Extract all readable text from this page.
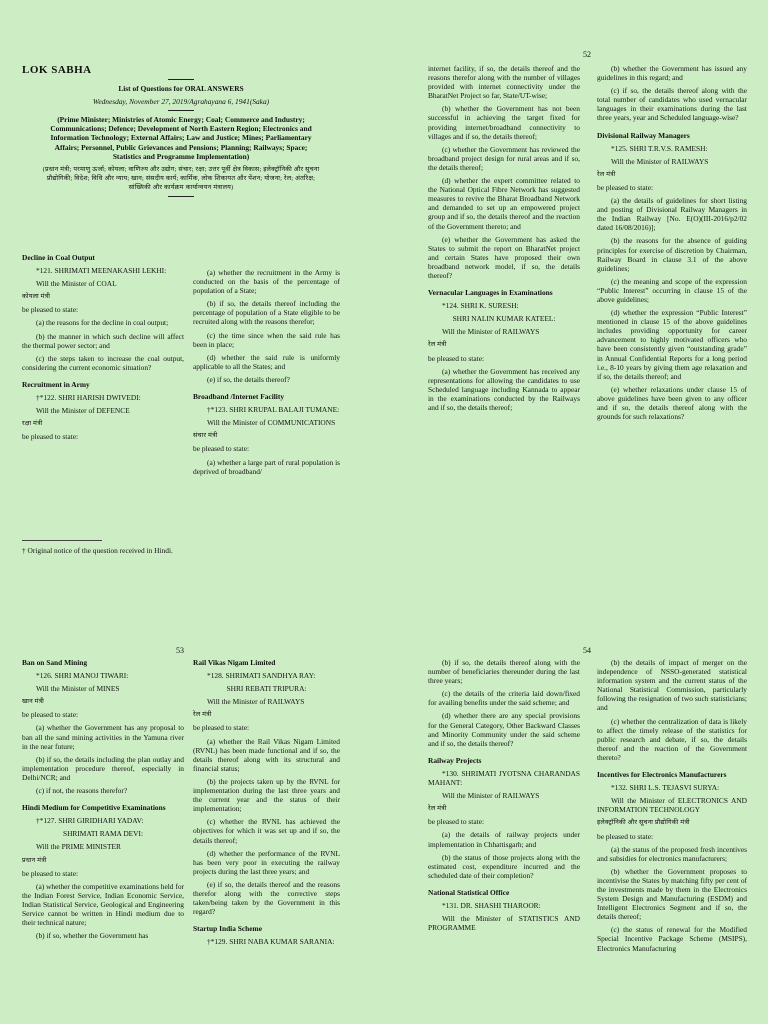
52

LOK SABHA

List of Questions for ORAL ANSWERS

Wednesday, November 27, 2019/Agrahayana 6, 1941(Saka)

(Prime Minister; Ministries of Atomic Energy; Coal; Commerce and Industry; Communications; Defence; Development of North Eastern Region; Electronics and Information Technology; External Affairs; Law and Justice; Mines; Parliamentary Affairs; Personnel, Public Grievances and Pensions; Planning; Railways; Space; Statistics and Programme Implementation)

(प्रधान मंत्री; परमाणु ऊर्जा; कोयला; वाणिज्य और उद्योग; संचार; रक्षा; उत्तर पूर्वी क्षेत्र विकास; इलेक्ट्रॉनिकी और सूचना प्रौद्योगिकी; विदेश; विधि और न्याय; खान; संसदीय कार्य; कार्मिक, लोक शिकायत और पेंशन; योजना; रेल; अंतरिक्ष; सांख्यिकी और कार्यक्रम कार्यान्वयन मंत्रालय)

Decline in Coal Output

*121. SHRIMATI MEENAKASHI LEKHI:

Will the Minister of COAL

कोयला मंत्री

be pleased to state:

(a) the reasons for the decline in coal output;

(b) the manner in which such decline will affect the thermal power sector; and

(c) the steps taken to increase the coal output, considering the current economic situation?

Recruitment in Army

†*122. SHRI HARISH DWIVEDI:

Will the Minister of DEFENCE

रक्षा मंत्री

be pleased to state:

(a) whether the recruitment in the Army is conducted on the basis of the percentage of population of a State;

(b) if so, the details thereof including the percentage of population of a State eligible to be recruited along with the reasons therefor;

(c) the time since when the said rule has been in place;

(d) whether the said rule is uniformly applicable to all the States; and

(e) if so, the details thereof?

Broadband /Internet Facility

†*123. SHRI KRUPAL BALAJI TUMANE:

Will the Minister of COMMUNICATIONS

संचार मंत्री

be pleased to state:

(a) whether a large part of rural population is deprived of broadband/

internet facility, if so, the details thereof and the reasons therefor along with the number of villages provided with internet connectivity under the BharatNet Project so far, State/UT-wise;

(b) whether the Government has not been successful in achieving the target fixed for providing internet/broadband connectivity to villages and if so, the details thereof;

(c) whether the Government has reviewed the broadband project design for rural areas and if so, the details thereof;

(d) whether the expert committee related to the National Optical Fibre Network has suggested measures to revive the Bharat Broadband Network and demanded to set up an empowered project group and if so, the details thereof and the reaction of the Government thereto; and

(e) whether the Government has asked the States to submit the report on BharatNet project and certain States have proposed their own broadband network model, if so, the details thereof?

Vernacular Languages in Examinations

*124. SHRI K. SURESH:

SHRI NALIN KUMAR KATEEL:

Will the Minister of RAILWAYS

रेल मंत्री

be pleased to state:

(a) whether the Government has received any representations for allowing the candidates to use Scheduled language including Kannada to appear in the examinations conducted by the Railways and if so, the details thereof;

(b) whether the Government has issued any guidelines in this regard; and

(c) if so, the details thereof along with the total number of candidates who used vernacular languages in their examinations during the last three years, year and Scheduled language-wise?

Divisional Railway Managers

*125. SHRI T.R.V.S. RAMESH:

Will the Minister of RAILWAYS

रेल मंत्री

be pleased to state:

(a) the details of guidelines for short listing and posting of Divisional Railway Managers in the Indian Railway [No. E(O)(III-2016/p2/02 dated 16/08/2016)];

(b) the reasons for the absence of guiding principles for exercise of discretion by Chairman, Railway Board in clause 3.1 of the above guidelines;

(c) the meaning and scope of the expression “Public Interest” occurring in clause 15 of the above guidelines;

(d) whether the expression “Public Interest” mentioned in clause 15 of the above guidelines includes providing opportunity for career advancement to highly motivated officers who have been consistently given “outstanding grade” in Annual Confidential Reports for a long period i.e., 8-10 years by giving them age relaxation and if so, the details thereof; and

(e) whether relaxations under clause 15 of above guidelines have been given to any officer and if so, the details thereof along with the grounds for such relaxations?

† Original notice of the question received in Hindi.
53	54

Ban on Sand Mining

*126. SHRI MANOJ TIWARI:

Will the Minister of MINES

खान मंत्री

be pleased to state:

(a) whether the Government has any proposal to ban all the sand mining activities in the Yamuna river in the near future;

(b) if so, the details including the plan outlay and implementation procedure thereof, especially in Delhi/NCR; and

(c) if not, the reasons therefor?

Hindi Medium for Competitive Examinations

†*127. SHRI GIRIDHARI YADAV:

SHRIMATI RAMA DEVI:

Will the PRIME MINISTER

प्रधान मंत्री

be pleased to state:

(a) whether the competitive examinations held for the Indian Forest Service, Indian Economic Service, Indian Statistical Service, Geological and Engineering Service cannot be written in Hindi medium due to their technical nature;

(b) if so, whether the Government has

Rail Vikas Nigam Limited

*128. SHRIMATI SANDHYA RAY:

SHRI REBATI TRIPURA:

Will the Minister of RAILWAYS

रेल मंत्री

be pleased to state:

(a) whether the Rail Vikas Nigam Limited (RVNL) has been made functional and if so, the details thereof along with its structural and financial status;

(b) the projects taken up by the RVNL for implementation during the last three years and the current year and the status of their implementation;

(c) whether the RVNL has achieved the objectives for which it was set up and if so, the details thereof;

(d) whether the performance of the RVNL has been very poor in executing the railway projects during the last three years; and

(e) if so, the details thereof and the reasons therefor along with the corrective steps taken/being taken by the Government in this regard?

Startup India Scheme

†*129. SHRI NABA KUMAR SARANIA:

(b) if so, the details thereof along with the number of beneficiaries thereunder during the last three years;

(c) the details of the criteria laid down/fixed for availing benefits under the said scheme; and

(d) whether there are any special provisions for the General Category, Other Backward Classes and Minority Community under the said scheme and if so, the details thereof?

Railway Projects

*130. SHRIMATI JYOTSNA CHARANDAS MAHANT:

Will the Minister of RAILWAYS

रेल मंत्री

be pleased to state:

(a) the details of railway projects under implementation in Chhattisgarh; and

(b) the status of those projects along with the estimated cost, expenditure incurred and the scheduled date of their completion?

National Statistical Office

*131. DR. SHASHI THAROOR:

Will the Minister of STATISTICS AND PROGRAMME

(b) the details of impact of merger on the independence of NSSO-generated statistical information system and the current status of the National Statistical Commission, particularly following the resignation of two such statisticians; and

(c) whether the centralization of data is likely to affect the timely release of the statistics for public research and debate, if so, the details thereof and the reaction of the Government thereto?

Incentives for Electronics Manufacturers

*132. SHRI L.S. TEJASVI SURYA:

Will the Minister of ELECTRONICS AND INFORMATION TECHNOLOGY

इलेक्ट्रॉनिकी और सूचना प्रौद्योगिकी मंत्री

be pleased to state:

(a) the status of the proposed fresh incentives and subsidies for electronics manufacturers;

(b) whether the Government proposes to incentivise the States by matching fifty per cent of the investments made by them in the Electronics System Design and Manufacturing (ESDM) and Intelligent Electronics Segment and if so, the details thereof;

(c) the status of renewal for the Modified Special Incentive Package Scheme (MSIPS), Electronics Manufacturing
